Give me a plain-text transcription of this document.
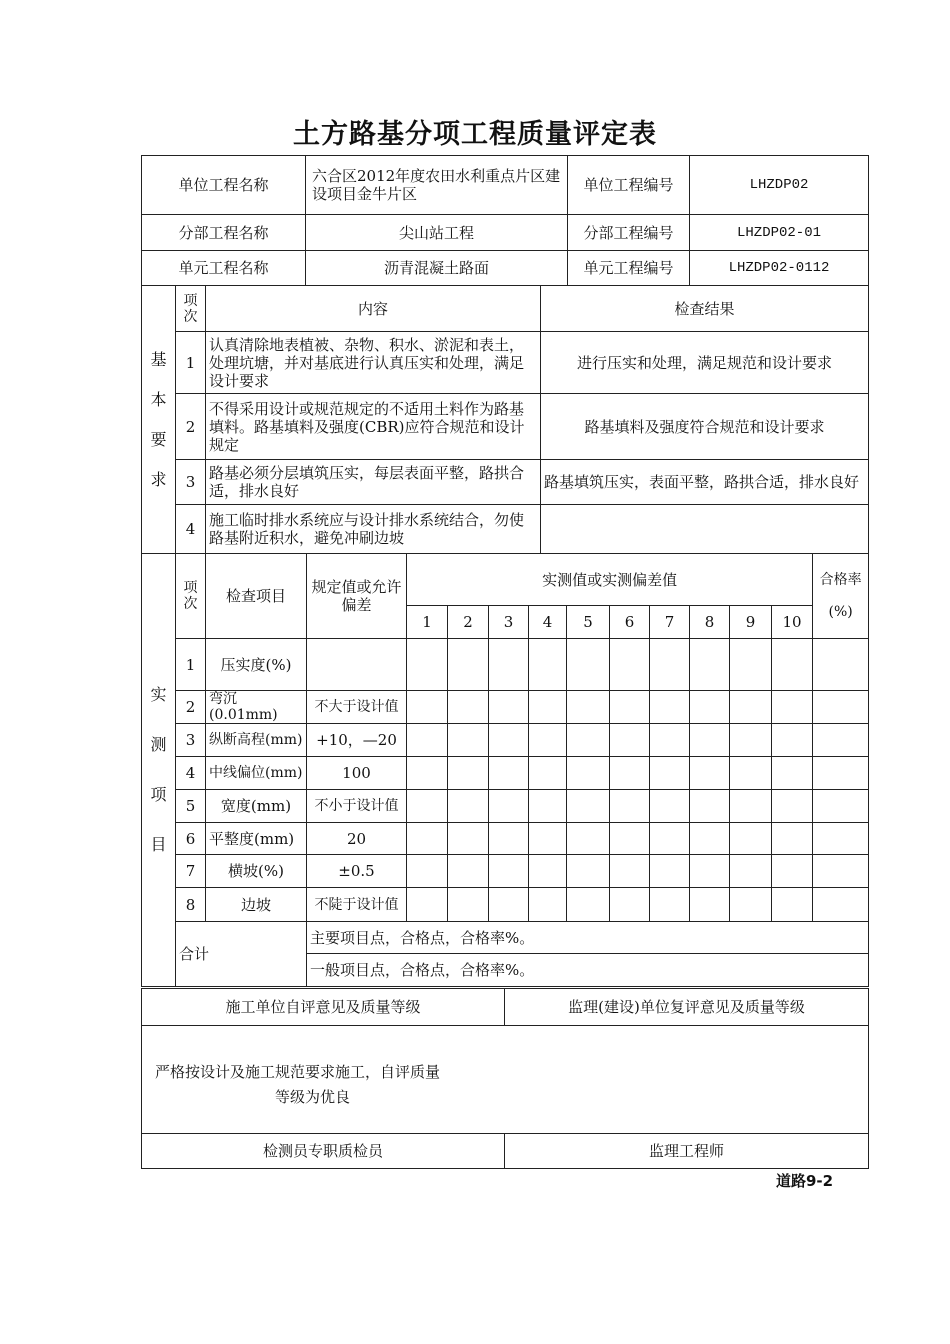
土方路基分项工程质量评定表
单位工程名称	六合区2012年度农田水利重点片区建设项目金牛片区	单位工程编号	LHZDP02
分部工程名称	尖山站工程	分部工程编号	LHZDP02-01
单元工程名称	沥青混凝土路面	单元工程编号	LHZDP02-0112
基
本
要
求	项次	内容	检查结果
	1	认真清除地表植被、杂物、积水、淤泥和表土，处理坑塘，并对基底进行认真压实和处理，满足设计要求	进行压实和处理，满足规范和设计要求
	2	不得采用设计或规范规定的不适用土料作为路基填料。路基填料及强度(CBR)应符合规范和设计规定	路基填料及强度符合规范和设计要求
	3	路基必须分层填筑压实，每层表面平整，路拱合适，排水良好	路基填筑压实，表面平整，路拱合适，排水良好
	4	施工临时排水系统应与设计排水系统结合，勿使路基附近积水，避免冲刷边坡	
实
测
项
目	项次	检查项目	规定值或允许偏差	实测值或实测偏差值										合格率

(%)
				1	2	3	4	5	6	7	8	9	10	
	1	压实度(%)												
	2	弯沉(0.01mm)	不大于设计值											
	3	纵断高程(mm)	+10，—20											
	4	中线偏位(mm)	100											
	5	宽度(mm)	不小于设计值											
	6	平整度(mm)	20											
	7	横坡(%)	±0.5											
	8	边坡	不陡于设计值											
	合计		主要项目点，合格点，合格率%。											
			一般项目点，合格点，合格率%。											
施工单位自评意见及质量等级	监理(建设)单位复评意见及质量等级

严格按设计及施工规范要求施工，自评质量
等级为优良	

检测员专职质检员	监理工程师
道路9-2
